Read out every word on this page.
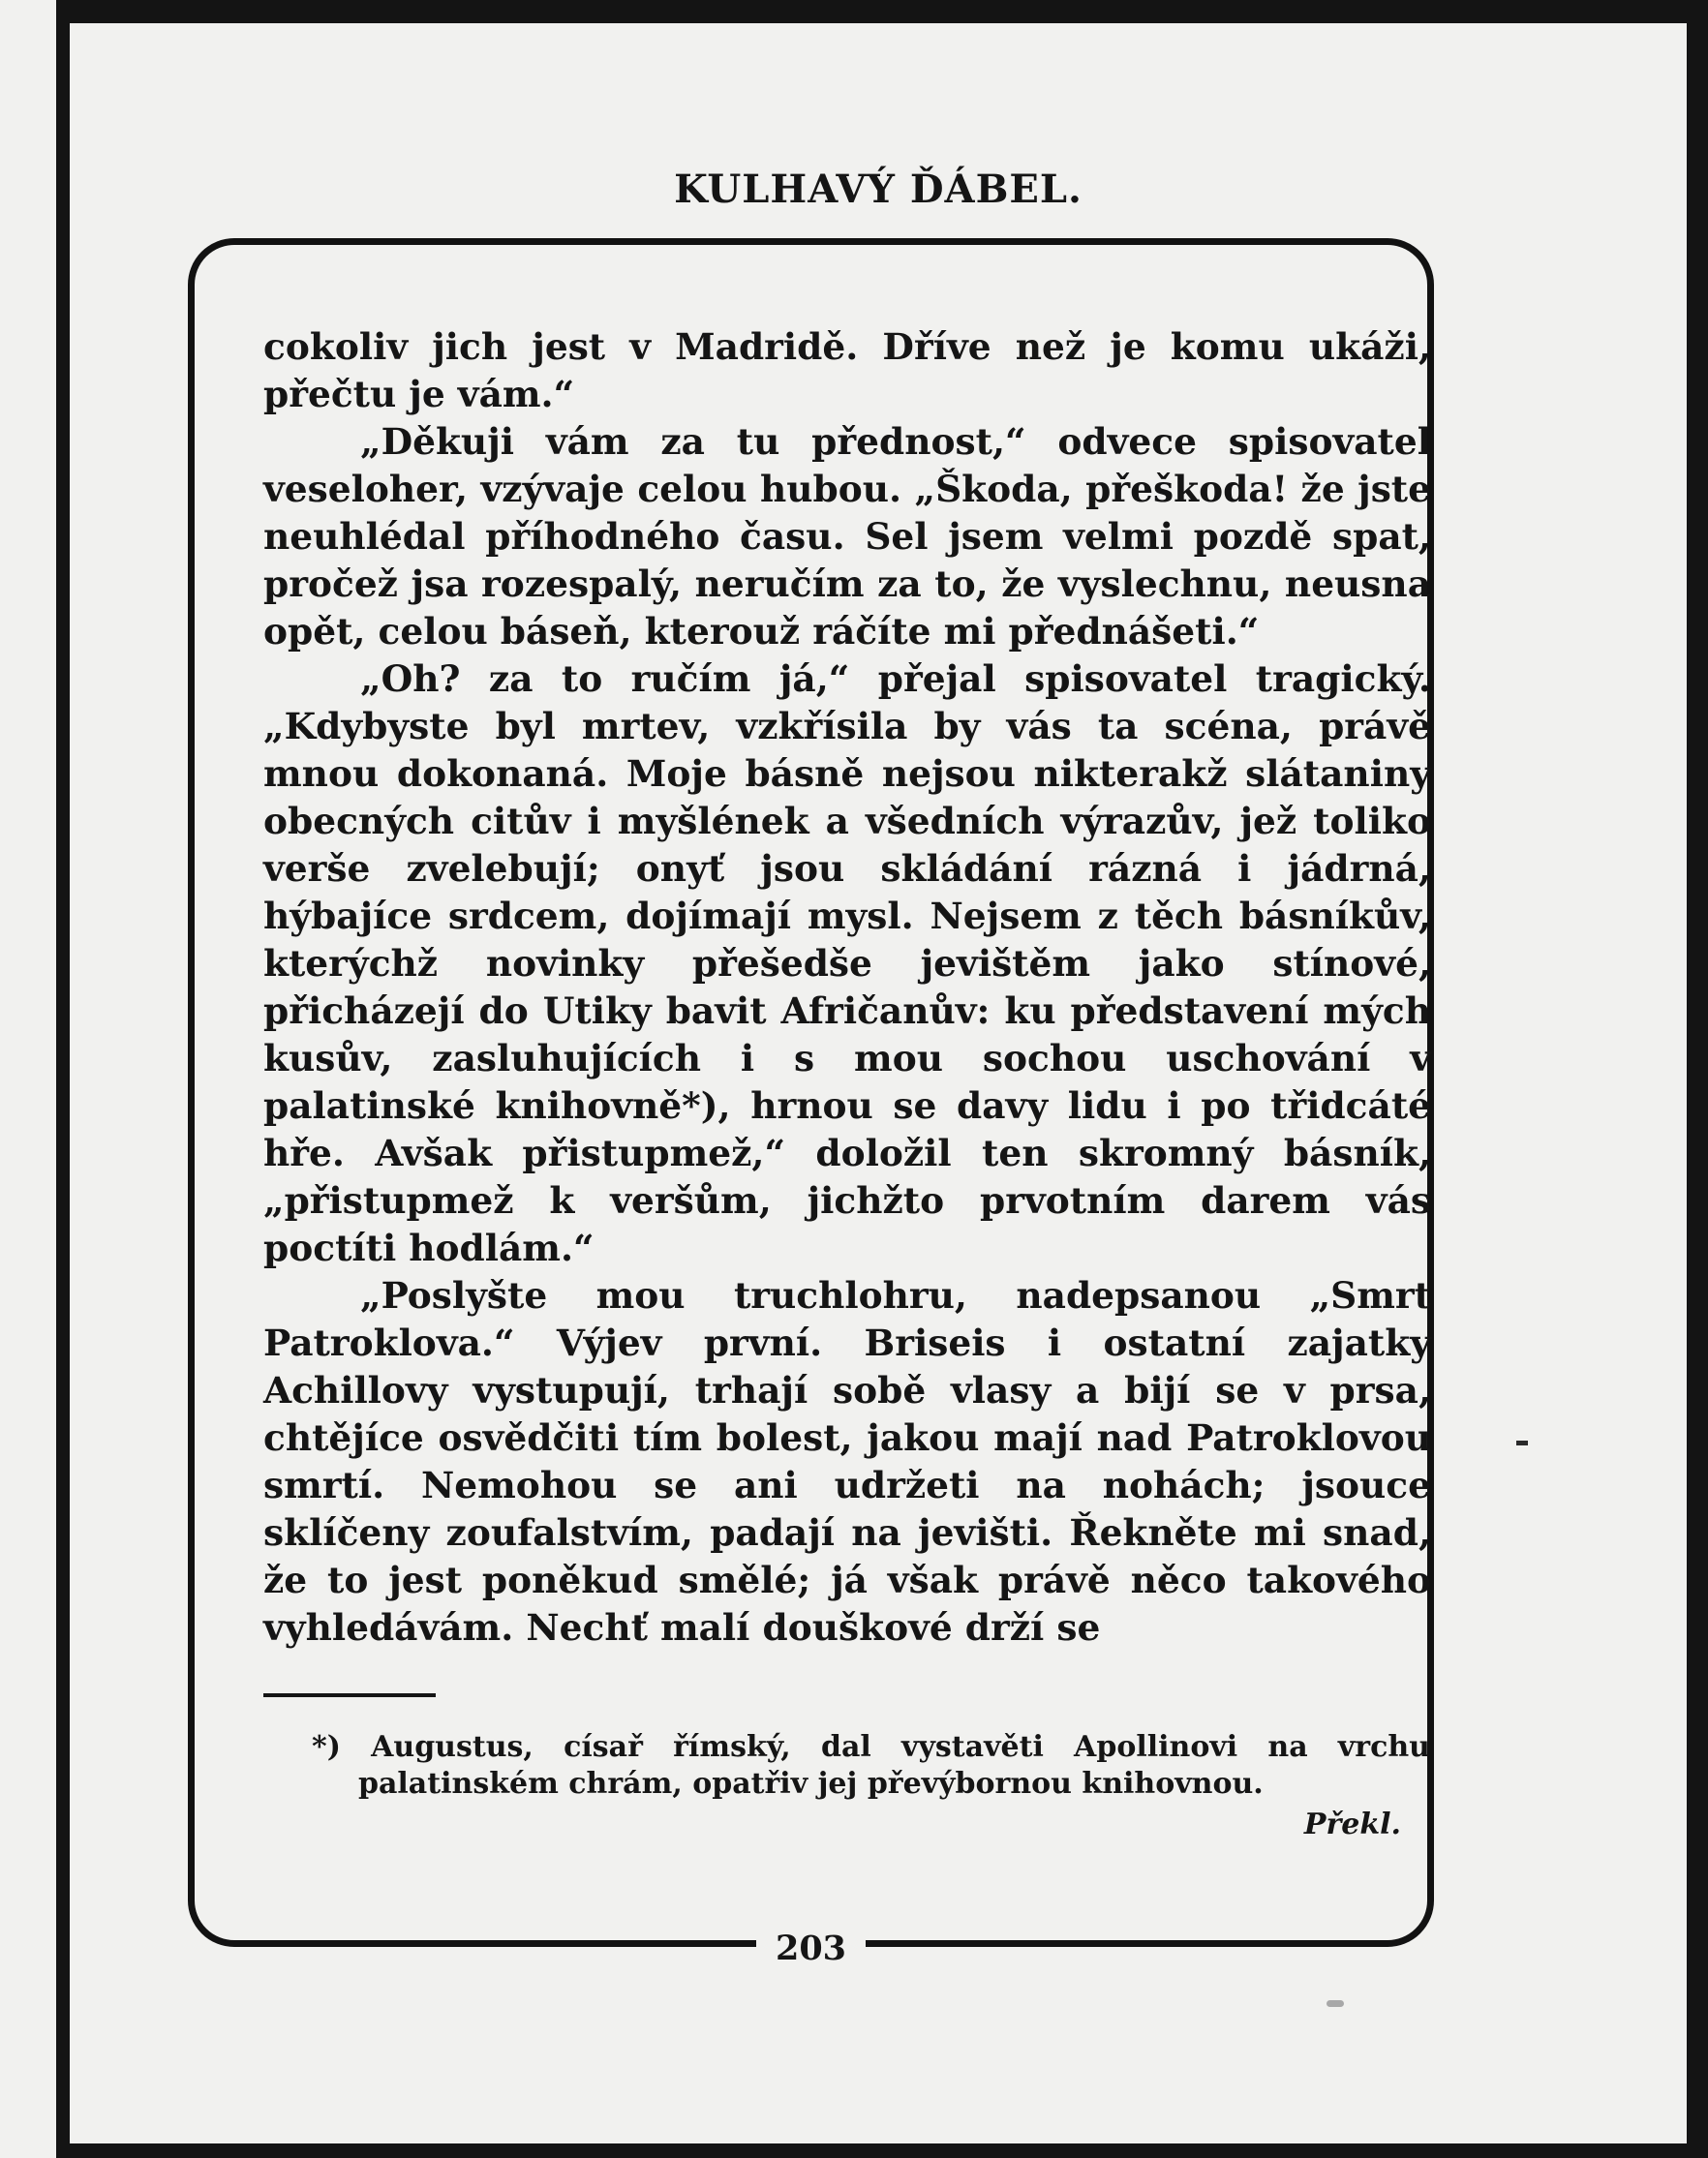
KULHAVÝ ĎÁBEL.

cokoliv jich jest v Madridě. Dříve než je komu ukáži, přečtu je vám.“

„Děkuji vám za tu přednost,“ odvece spisovatel veseloher, vzývaje celou hubou. „Škoda, přeškoda! že jste neuhlédal příhodného času. Sel jsem velmi pozdě spat, pročež jsa rozespalý, neručím za to, že vyslechnu, neusna opět, celou báseň, kterouž ráčíte mi přednášeti.“

„Oh? za to ručím já,“ přejal spisovatel tragický. „Kdybyste byl mrtev, vzkřísila by vás ta scéna, právě mnou dokonaná. Moje básně nejsou nikterakž slátaniny obecných citův i myšlének a všedních výrazův, jež toliko verše zvelebují; onyť jsou skládání rázná i jádrná, hýbajíce srdcem, dojímají mysl. Nejsem z těch básníkův, kterýchž novinky přešedše jevištěm jako stínové, přicházejí do Utiky bavit Afričanův: ku představení mých kusův, zasluhujících i s mou sochou uschování v palatinské knihovně*), hrnou se davy lidu i po třidcáté hře. Avšak přistupmež,“ doložil ten skromný básník, „přistupmež k veršům, jichžto prvotním darem vás poctíti hodlám.“

„Poslyšte mou truchlohru, nadepsanou „Smrt Patroklova.“ Výjev první. Briseis i ostatní zajatky Achillovy vystupují, trhají sobě vlasy a bijí se v prsa, chtějíce osvědčiti tím bolest, jakou mají nad Patroklovou smrtí. Nemohou se ani udržeti na nohách; jsouce sklíčeny zoufalstvím, padají na jevišti. Řekněte mi snad, že to jest poněkud smělé; já však právě něco takového vyhledávám. Nechť malí douškové drží se

*) Augustus, císař římský, dal vystavěti Apollinovi na vrchu palatinském chrám, opatřiv jej převýbornou knihovnou.

Překl.
203
